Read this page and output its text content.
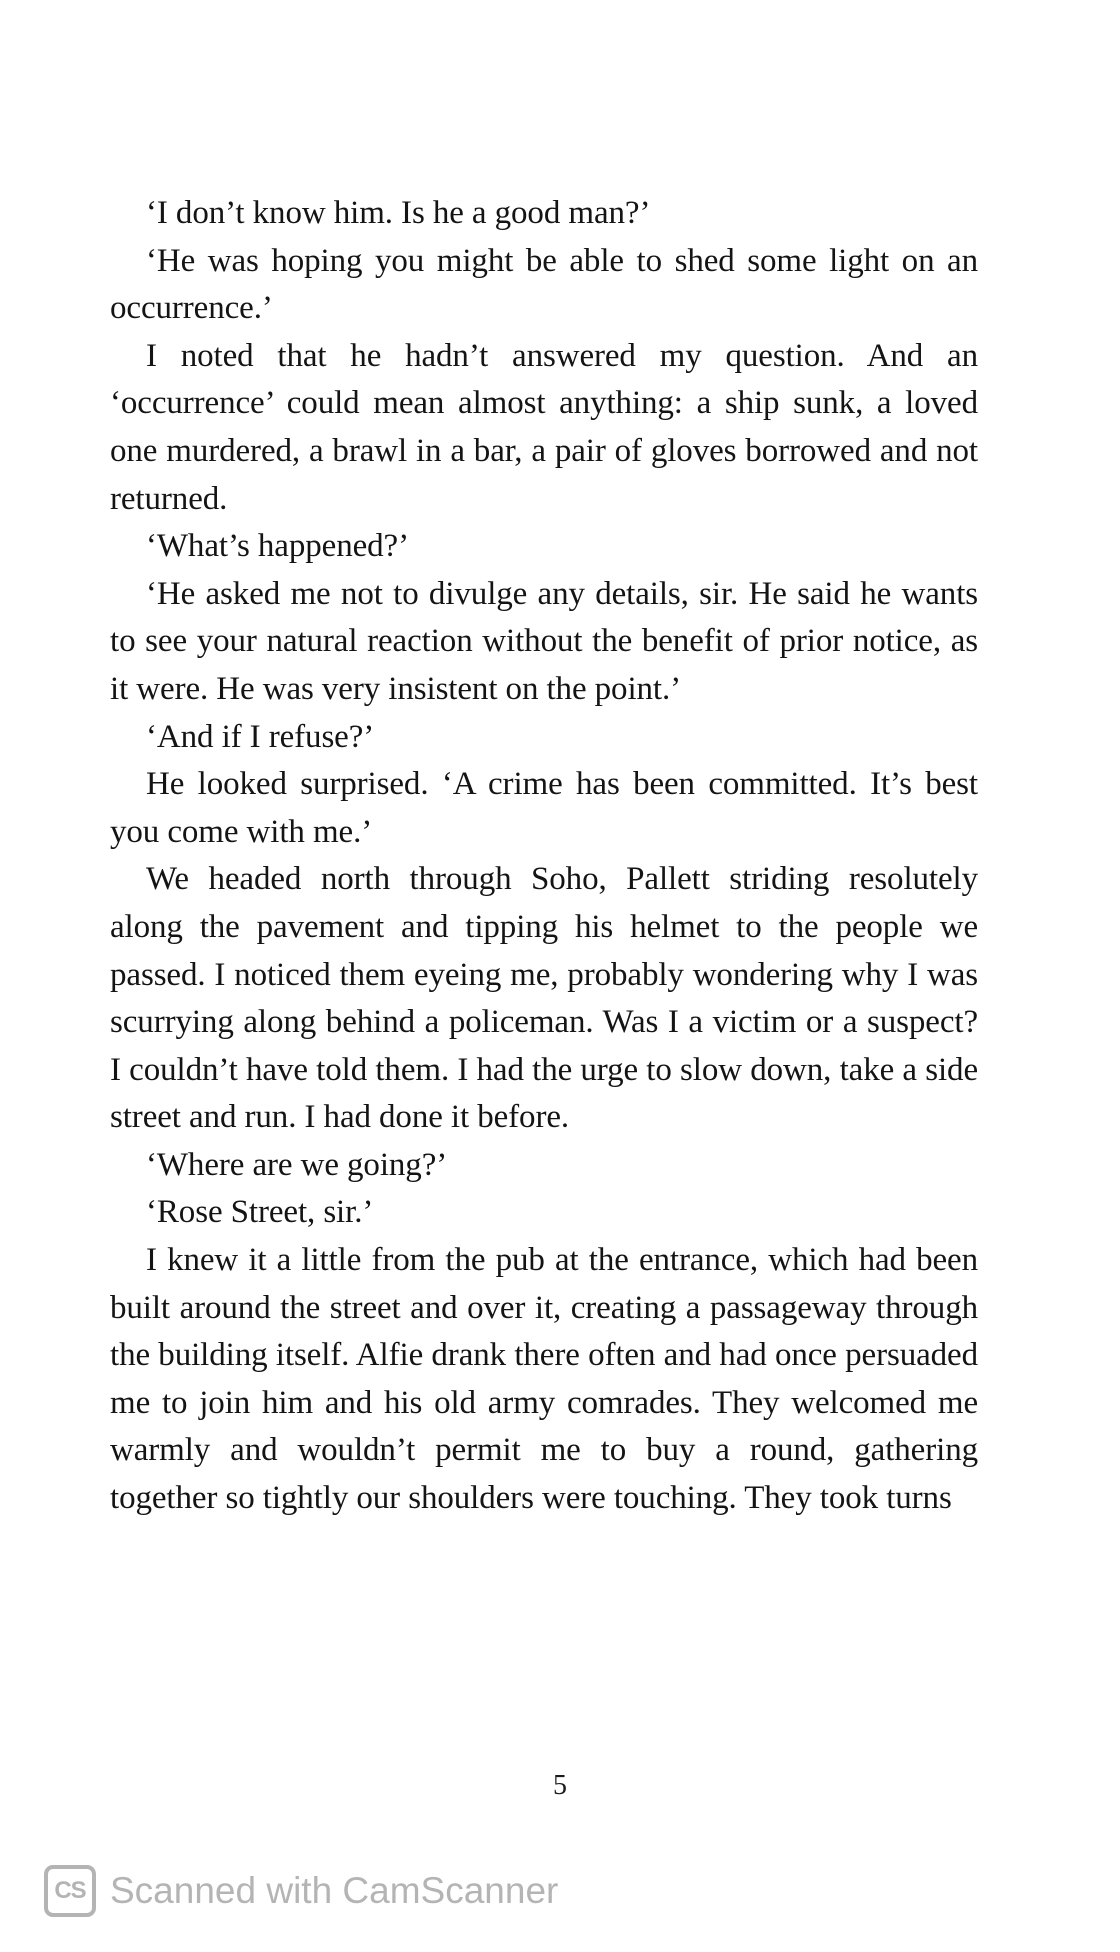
‘I don’t know him. Is he a good man?’

‘He was hoping you might be able to shed some light on an occurrence.’

I noted that he hadn’t answered my question. And an ‘occurrence’ could mean almost anything: a ship sunk, a loved one murdered, a brawl in a bar, a pair of gloves borrowed and not returned.

‘What’s happened?’

‘He asked me not to divulge any details, sir. He said he wants to see your natural reaction without the benefit of prior notice, as it were. He was very insistent on the point.’

‘And if I refuse?’

He looked surprised. ‘A crime has been committed. It’s best you come with me.’

We headed north through Soho, Pallett striding resolutely along the pavement and tipping his helmet to the people we passed. I noticed them eyeing me, probably wondering why I was scurrying along behind a policeman. Was I a victim or a suspect? I couldn’t have told them. I had the urge to slow down, take a side street and run. I had done it before.

‘Where are we going?’

‘Rose Street, sir.’

I knew it a little from the pub at the entrance, which had been built around the street and over it, creating a passageway through the building itself. Alfie drank there often and had once persuaded me to join him and his old army comrades. They welcomed me warmly and wouldn’t permit me to buy a round, gathering together so tightly our shoulders were touching. They took turns

5
CS Scanned with CamScanner
